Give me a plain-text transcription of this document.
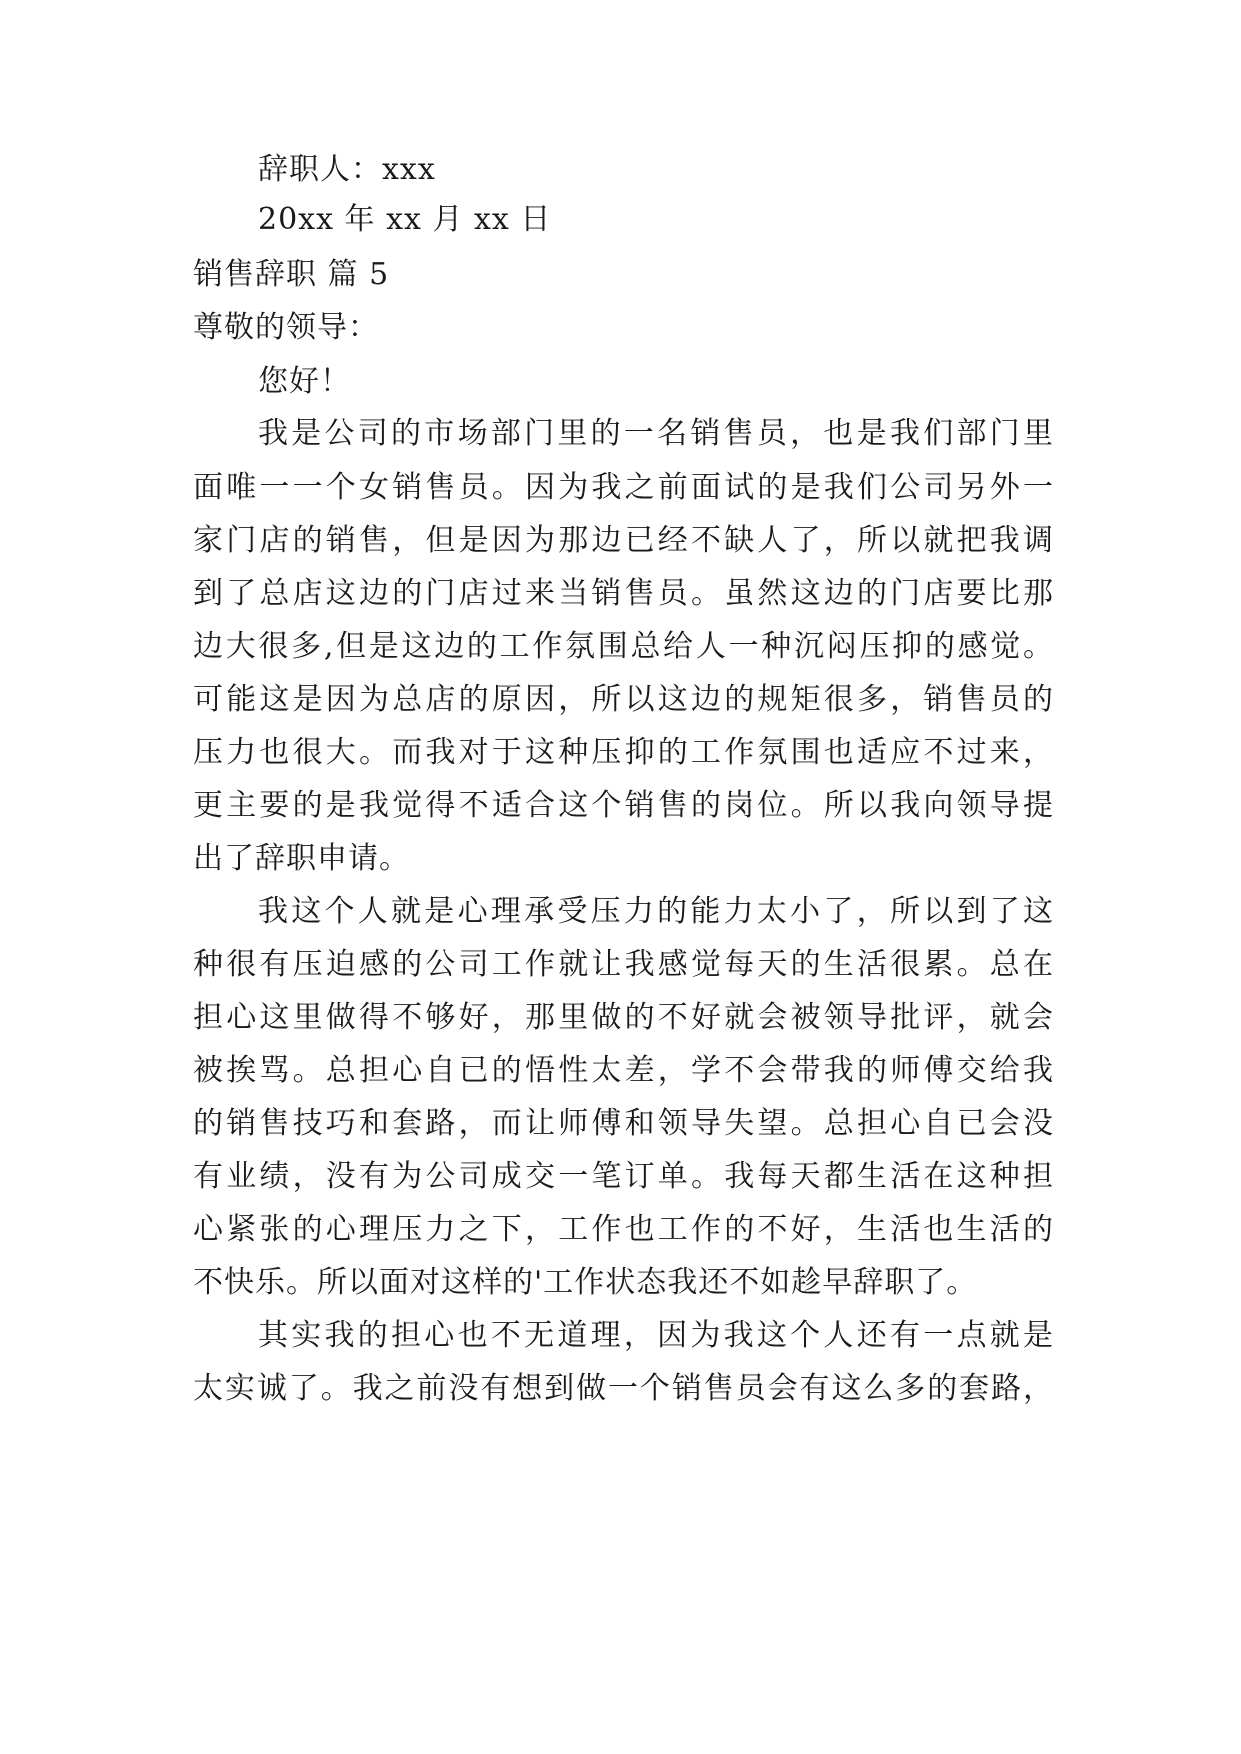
辞职人：xxx
20xx 年 xx 月 xx 日
销售辞职 篇 5
尊敬的领导：
您好！
我是公司的市场部门里的一名销售员，也是我们部门里
面唯一一个女销售员。因为我之前面试的是我们公司另外一
家门店的销售，但是因为那边已经不缺人了，所以就把我调
到了总店这边的门店过来当销售员。虽然这边的门店要比那
边大很多,但是这边的工作氛围总给人一种沉闷压抑的感觉。
可能这是因为总店的原因，所以这边的规矩很多，销售员的
压力也很大。而我对于这种压抑的工作氛围也适应不过来，
更主要的是我觉得不适合这个销售的岗位。所以我向领导提
出了辞职申请。
我这个人就是心理承受压力的能力太小了，所以到了这
种很有压迫感的公司工作就让我感觉每天的生活很累。总在
担心这里做得不够好，那里做的不好就会被领导批评，就会
被挨骂。总担心自已的悟性太差，学不会带我的师傅交给我
的销售技巧和套路，而让师傅和领导失望。总担心自已会没
有业绩，没有为公司成交一笔订单。我每天都生活在这种担
心紧张的心理压力之下，工作也工作的不好，生活也生活的
不快乐。所以面对这样的'工作状态我还不如趁早辞职了。
其实我的担心也不无道理，因为我这个人还有一点就是
太实诚了。我之前没有想到做一个销售员会有这么多的套路，
